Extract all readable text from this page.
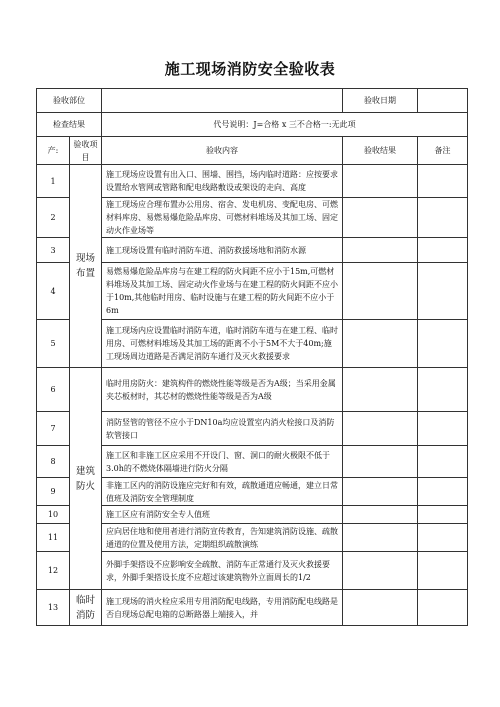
施工现场消防安全验收表
验收部位			验收日期	
检查结果		代号说明：J=合格 x 三不合格一:无此项		
产:	验收项目	验收内容	验收结果	备注
1	现场布置	施工现场应设置有出入口、围墙、围挡，场内临时道路：应按要求设置给水管网或管路和配电线路敷设或架设的走向、高度		
2		施工现场应合理布置办公用房、宿舍、发电机房、变配电房、可燃材料库房、易燃易爆危险品库房、可燃材料堆场及其加工场、固定动火作业场等		
3		施工现场设置有临时消防车道、消防救援场地和消防水源		
4		易燃易爆危险品库房与在建工程的防火间距不应小于15m,可燃材料堆场及其加工场、固定动火作业场与在建工程的防火间距不应小于10m,其他临时用房、临时设施与在建工程的防火间距不应小于6m		
5		施工现场内应设置临时消防车道，临时消防车道与在建工程、临时用房、可燃材料堆场及其加工场的距离不小于5M不大于40m;施工现场周边道路是否满足消防车通行及灭火救援要求		
6	建筑防火	临时用房防火：建筑构件的燃烧性能等级是否为A级；当采用金属夹芯板材时，其芯材的燃烧性能等级是否为A级		
7		消防竖管的管径不应小于DN10a均应设置室内消火栓接口及消防软管接口		
8		施工区和非施工区应采用不开设门、窗、洞口的耐火极限不低于3.0h的不燃烧体隔墙进行防火分隔		
9		非施工区内的消防设施应完好和有效，疏散通道应畅通，建立日常值班及消防安全管理制度		
10		施工区应有消防安全专人值班		
11		应向居住地和使用者进行消防宣传教育，告知建筑消防设施、疏散通道的位置及使用方法，定期组织疏散演练		
12		外脚手架搭设不应影响安全疏散、消防车正常通行及灭火救援要求，外脚手架搭设长度不应超过该建筑物外立面周长的1/2		
13	临时消防	施工现场的消火栓应采用专用消防配电线路，专用消防配电线路是否自现场总配电箱的总断路器上端接入，并		
